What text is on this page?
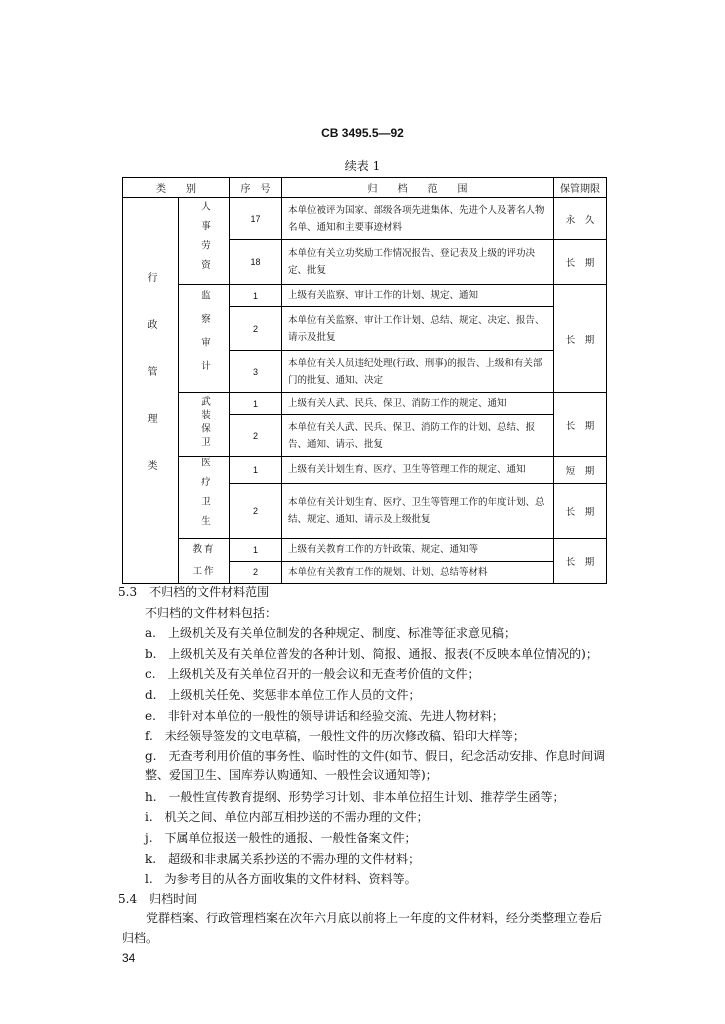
CB 3495.5—92
续表 1
类　　别		序　号	归　　档　　范　　围	保管期限
行政管理类	人事劳资	17	本单位被评为国家、部级各项先进集体、先进个人及著名人物名单、通知和主要事迹材料	永　久
		18	本单位有关立功奖励工作情况报告、登记表及上级的评功决定、批复	长　期
	监察审计	1	上级有关监察、审计工作的计划、规定、通知	长　期
		2	本单位有关监察、审计工作计划、总结、规定、决定、报告、请示及批复	
		3	本单位有关人员违纪处理(行政、刑事)的报告、上级和有关部门的批复、通知、决定	
	武装保卫	1	上级有关人武、民兵、保卫、消防工作的规定、通知	长　期
		2	本单位有关人武、民兵、保卫、消防工作的计划、总结、报告、通知、请示、批复	
	医疗卫生	1	上级有关计划生育、医疗、卫生等管理工作的规定、通知	短　期
		2	本单位有关计划生育、医疗、卫生等管理工作的年度计划、总结、规定、通知、请示及上级批复	长　期
	教育工作	1	上级有关教育工作的方针政策、规定、通知等	长　期
		2	本单位有关教育工作的规划、计划、总结等材料	
5.3　不归档的文件材料范围
不归档的文件材料包括：
a.　上级机关及有关单位制发的各种规定、制度、标准等征求意见稿；
b.　上级机关及有关单位普发的各种计划、简报、通报、报表(不反映本单位情况的)；
c.　上级机关及有关单位召开的一般会议和无查考价值的文件；
d.　上级机关任免、奖惩非本单位工作人员的文件；
e.　非针对本单位的一般性的领导讲话和经验交流、先进人物材料；
f.　未经领导签发的文电草稿，一般性文件的历次修改稿、铅印大样等；
g.　无查考利用价值的事务性、临时性的文件(如节、假日，纪念活动安排、作息时间调整、爱国卫生、国库券认购通知、一般性会议通知等)；
h.　一般性宣传教育提纲、形势学习计划、非本单位招生计划、推荐学生函等；
i.　机关之间、单位内部互相抄送的不需办理的文件；
j.　下属单位报送一般性的通报、一般性备案文件；
k.　超级和非隶属关系抄送的不需办理的文件材料；
l.　为参考目的从各方面收集的文件材料、资料等。
5.4　归档时间
党群档案、行政管理档案在次年六月底以前将上一年度的文件材料，经分类整理立卷后归档。
34
